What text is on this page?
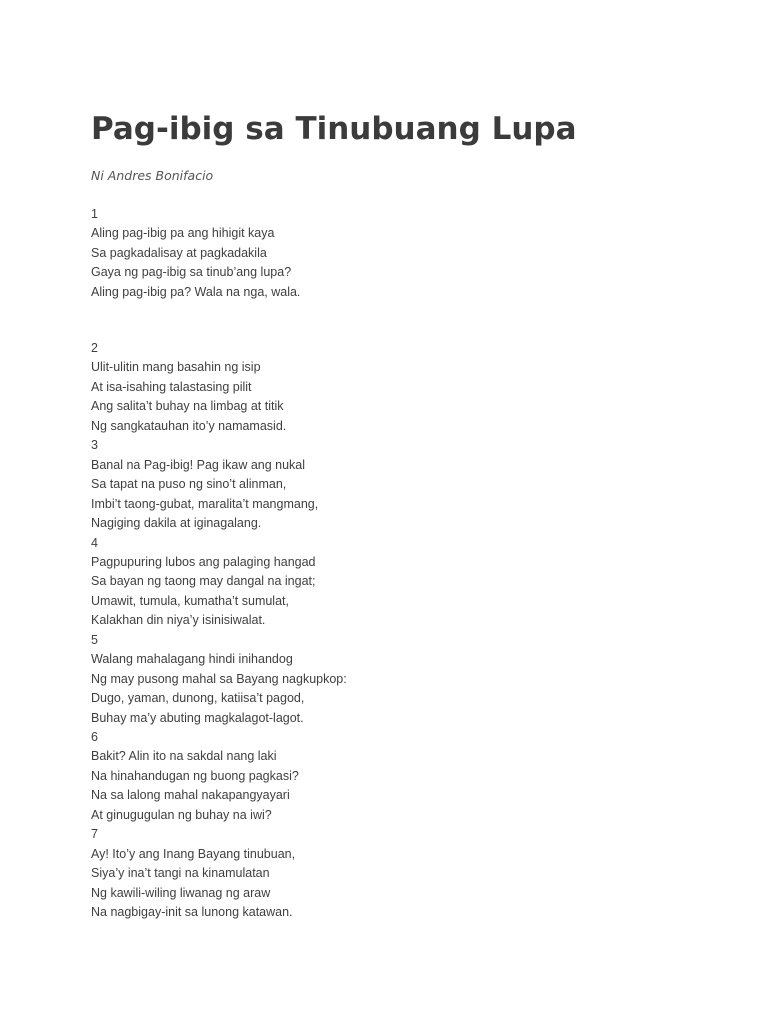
Pag-ibig sa Tinubuang Lupa
Ni Andres Bonifacio
1
Aling pag-ibig pa ang hihigit kaya
Sa pagkadalisay at pagkadakila
Gaya ng pag-ibig sa tinub’ang lupa?
Aling pag-ibig pa? Wala na nga, wala.
2
Ulit-ulitin mang basahin ng isip
At isa-isahing talastasing pilit
Ang salita’t buhay na limbag at titik
Ng sangkatauhan ito’y namamasid.
3
Banal na Pag-ibig! Pag ikaw ang nukal
Sa tapat na puso ng sino’t alinman,
Imbi’t taong-gubat, maralita’t mangmang,
Nagiging dakila at iginagalang.
4
Pagpupuring lubos ang palaging hangad
Sa bayan ng taong may dangal na ingat;
Umawit, tumula, kumatha’t sumulat,
Kalakhan din niya’y isinisiwalat.
5
Walang mahalagang hindi inihandog
Ng may pusong mahal sa Bayang nagkupkop:
Dugo, yaman, dunong, katiisa’t pagod,
Buhay ma’y abuting magkalagot-lagot.
6
Bakit? Alin ito na sakdal nang laki
Na hinahandugan ng buong pagkasi?
Na sa lalong mahal nakapangyayari
At ginugugulan ng buhay na iwi?
7
Ay! Ito’y ang Inang Bayang tinubuan,
Siya’y ina’t tangi na kinamulatan
Ng kawili-wiling liwanag ng araw
Na nagbigay-init sa lunong katawan.
